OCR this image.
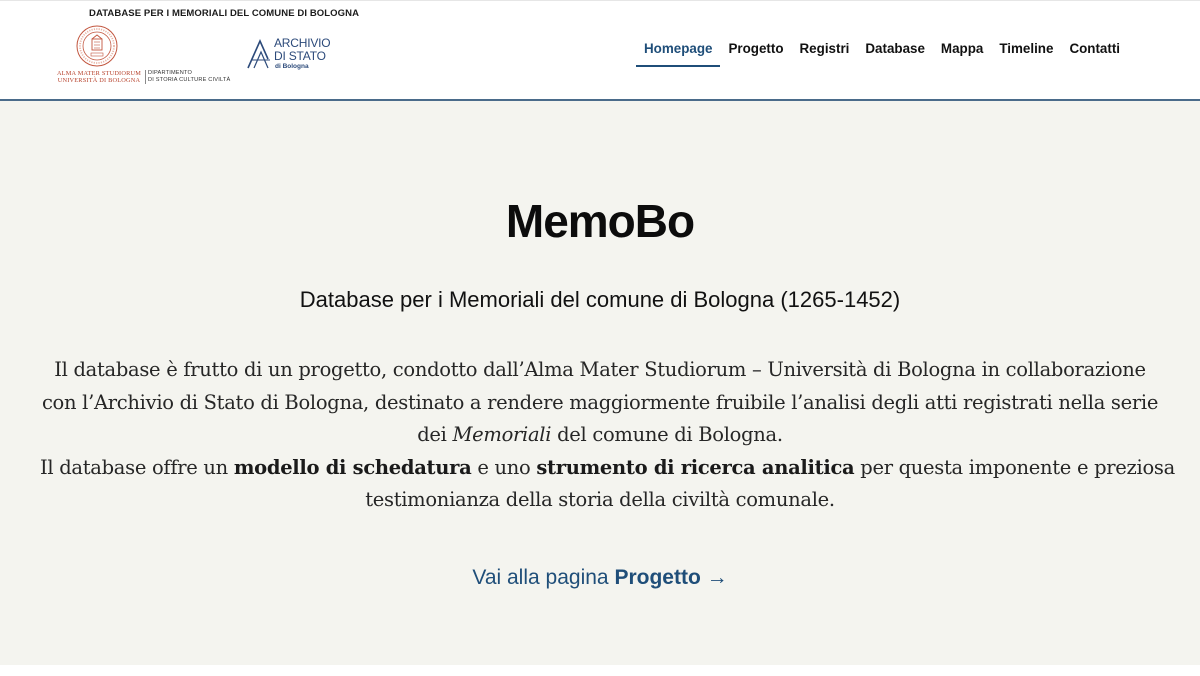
DATABASE PER I MEMORIALI DEL COMUNE DI BOLOGNA
ALMA MATER STUDIORUM
UNIVERSITÀ DI BOLOGNA
DIPARTIMENTO
DI STORIA CULTURE CIVILTÀ
ARCHIVIO
DI STATO
di Bologna
Homepage	Progetto	Registri	Database	Mappa	Timeline	Contatti
MemoBo
Database per i Memoriali del comune di Bologna (1265-1452)
Il database è frutto di un progetto, condotto dall’Alma Mater Studiorum – Università di Bologna in collaborazione
con l’Archivio di Stato di Bologna, destinato a rendere maggiormente fruibile l’analisi degli atti registrati nella serie
dei Memoriali del comune di Bologna.
Il database offre un modello di schedatura e uno strumento di ricerca analitica per questa imponente e preziosa
testimonianza della storia della civiltà comunale.
Vai alla pagina Progetto →
